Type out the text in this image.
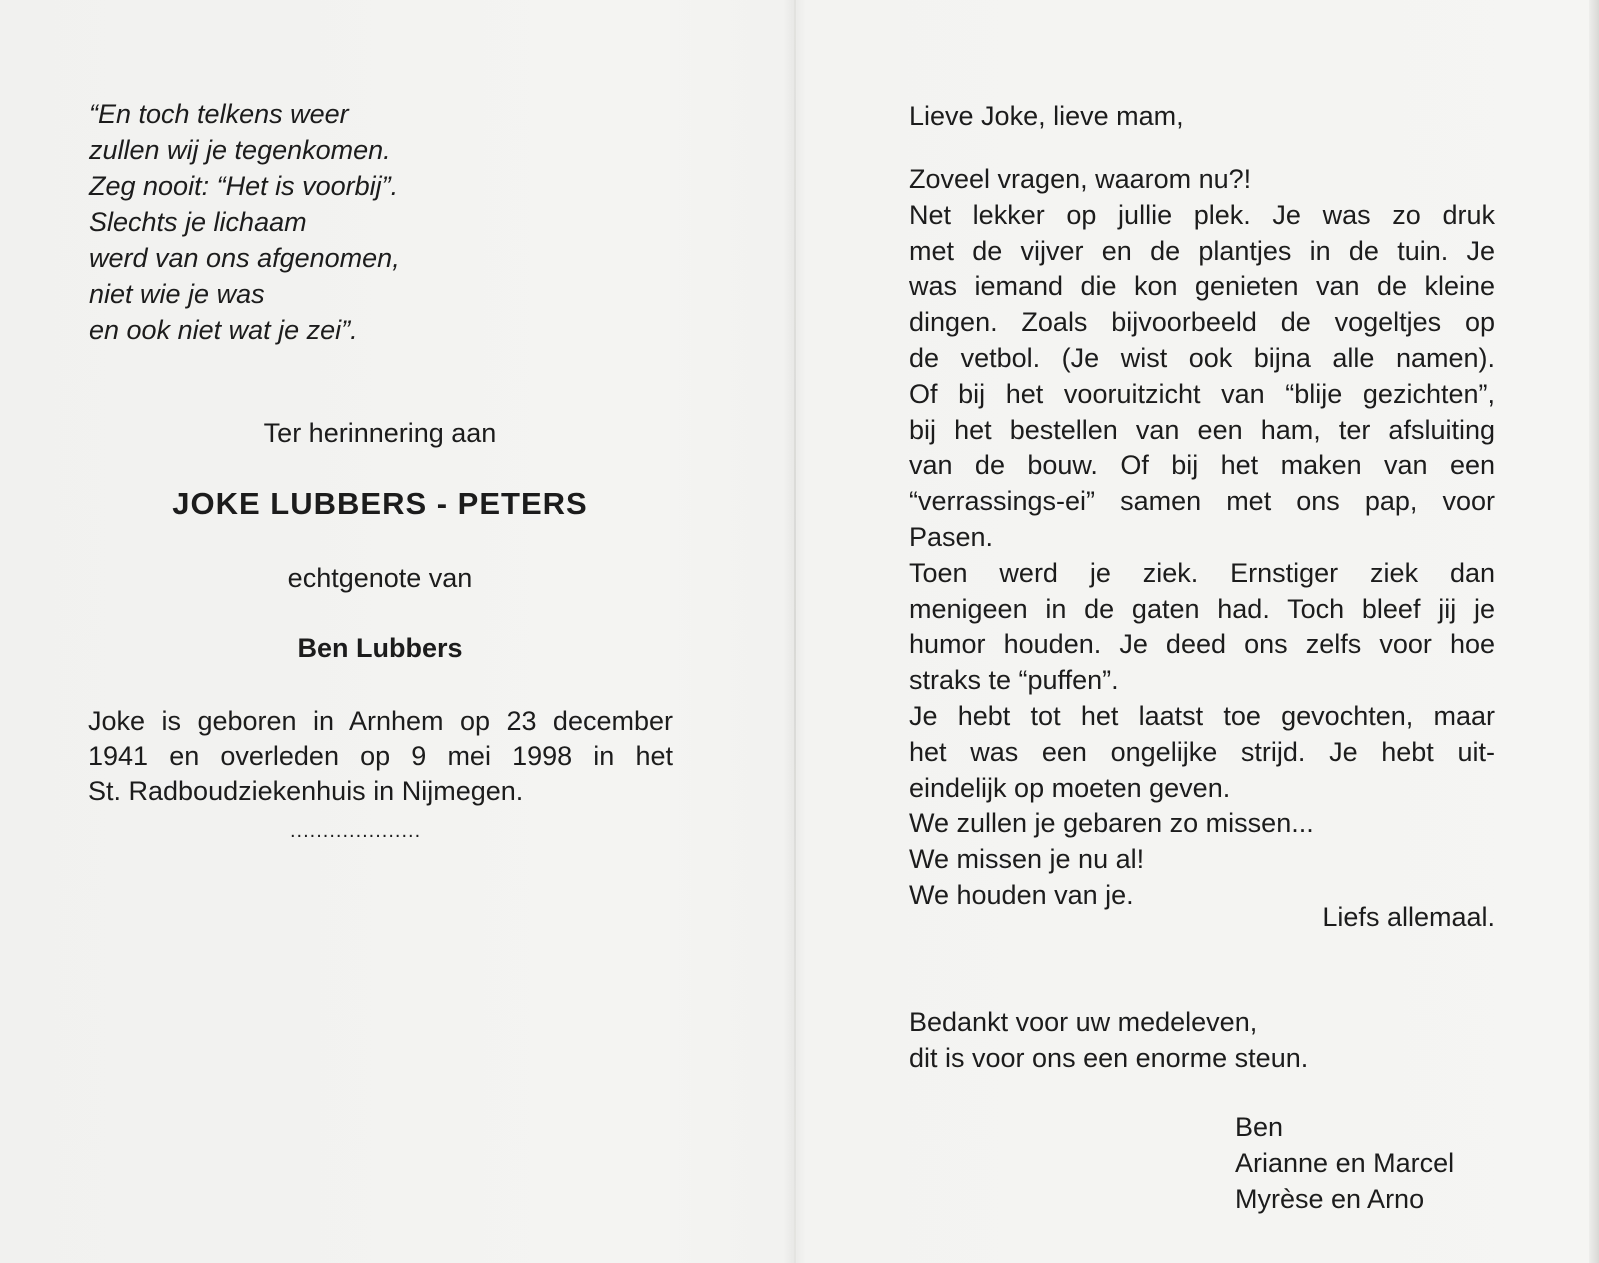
“En toch telkens weer
zullen wij je tegenkomen.
Zeg nooit: “Het is voorbij”.
Slechts je lichaam
werd van ons afgenomen,
niet wie je was
en ook niet wat je zei”.
Ter herinnering aan
JOKE LUBBERS - PETERS
echtgenote van
Ben Lubbers
Joke is geboren in Arnhem op 23 december
1941 en overleden op 9 mei 1998 in het
St. Radboudziekenhuis in Nijmegen.
....................
Lieve Joke, lieve mam,
Zoveel vragen, waarom nu?!
Net lekker op jullie plek. Je was zo druk
met de vijver en de plantjes in de tuin. Je
was iemand die kon genieten van de kleine
dingen. Zoals bijvoorbeeld de vogeltjes op
de vetbol. (Je wist ook bijna alle namen).
Of bij het vooruitzicht van “blije gezichten”,
bij het bestellen van een ham, ter afsluiting
van de bouw. Of bij het maken van een
“verrassings-ei” samen met ons pap, voor
Pasen.
Toen werd je ziek. Ernstiger ziek dan
menigeen in de gaten had. Toch bleef jij je
humor houden. Je deed ons zelfs voor hoe
straks te “puffen”.
Je hebt tot het laatst toe gevochten, maar
het was een ongelijke strijd. Je hebt uit-
eindelijk op moeten geven.
We zullen je gebaren zo missen...
We missen je nu al!
We houden van je.
Liefs allemaal.
Bedankt voor uw medeleven,
dit is voor ons een enorme steun.
Ben
Arianne en Marcel
Myrèse en Arno
